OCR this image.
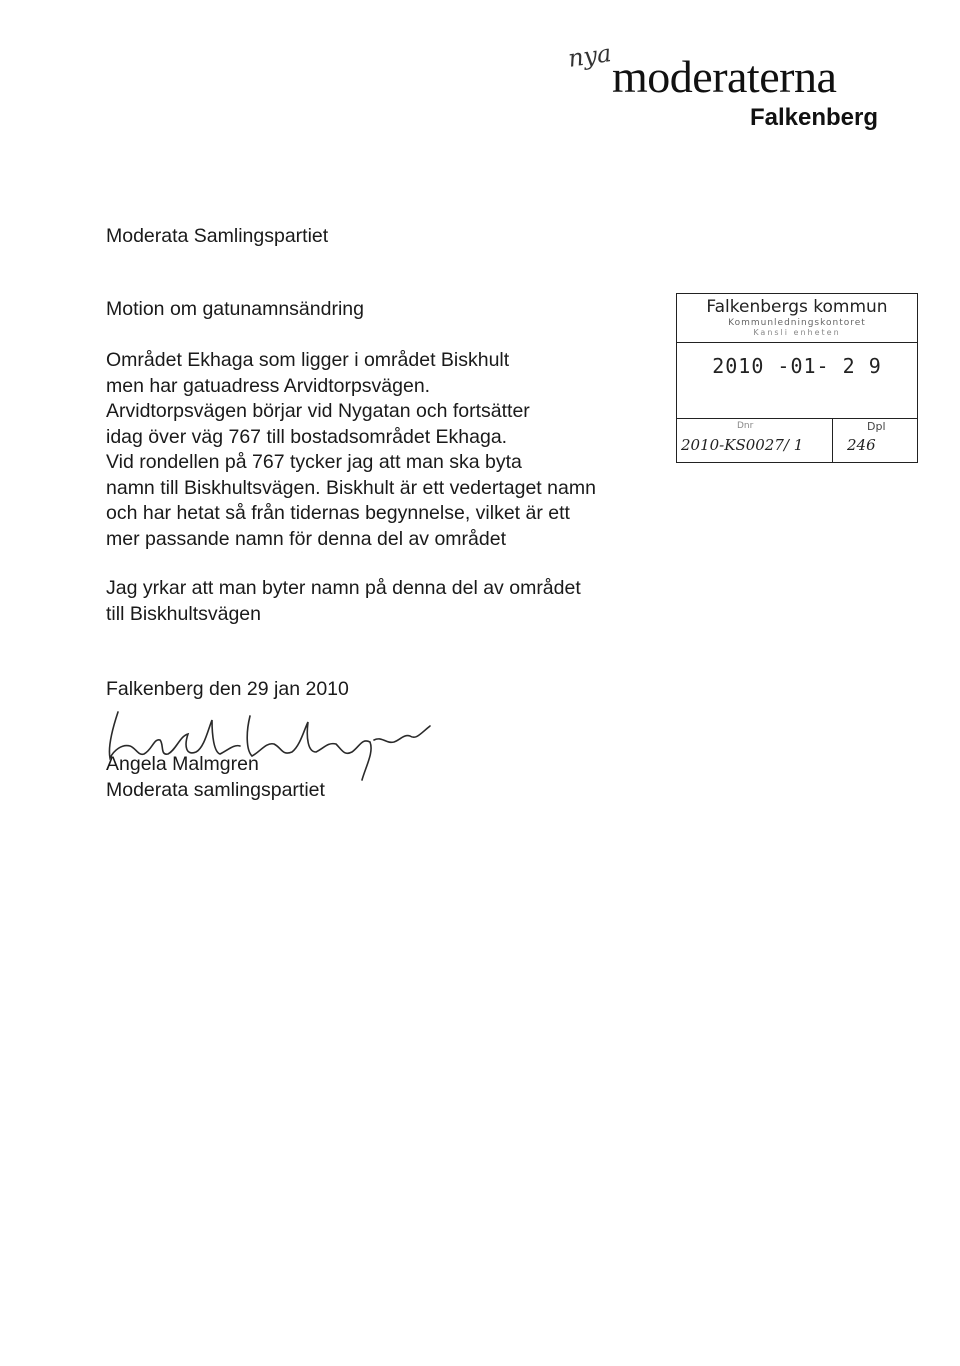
nya
moderaterna
Falkenberg
Moderata Samlingspartiet
Motion om gatunamnsändring
Området Ekhaga som ligger i området Biskhult
men har gatuadress Arvidtorpsvägen.
Arvidtorpsvägen börjar vid Nygatan och fortsätter
idag över väg 767 till bostadsområdet Ekhaga.
Vid rondellen på 767 tycker jag att man ska byta
namn till Biskhultsvägen. Biskhult är ett vedertaget namn
och har hetat så från tidernas begynnelse, vilket är ett
mer passande namn för denna del av området
Jag yrkar att man byter namn på denna del av området
till Biskhultsvägen
Falkenberg den 29 jan 2010
Angela Malmgren
Moderata samlingspartiet
Falkenbergs kommun
Kommunledningskontoret
Kansli enheten
2010 -01- 2 9
Dnr	Dpl
2010-KS0027/ 1	246
